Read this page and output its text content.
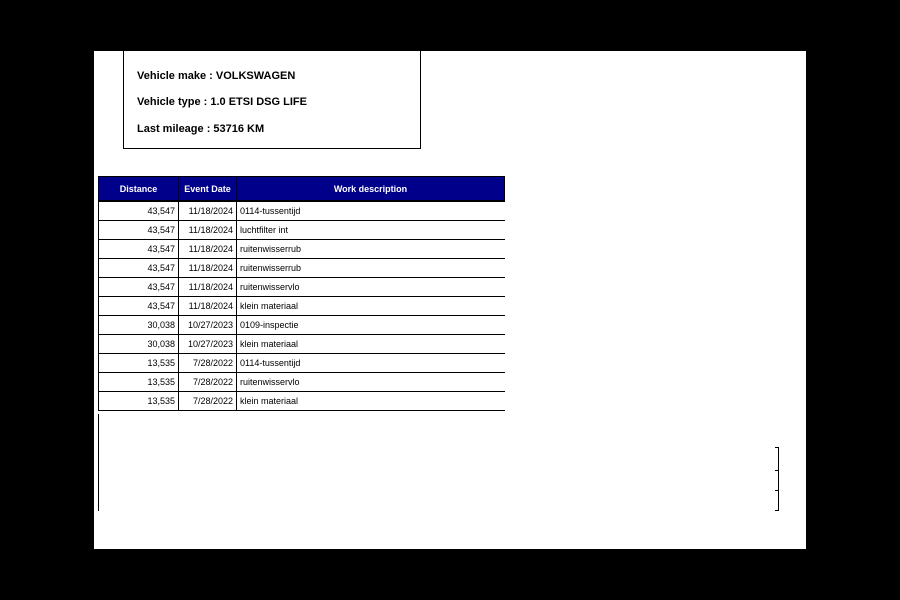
Vehicle make : VOLKSWAGEN
Vehicle type : 1.0 ETSI DSG LIFE
Last mileage : 53716 KM
Distance	Event Date	Work description
43,547	11/18/2024	0114-tussentijd
43,547	11/18/2024	luchtfilter int
43,547	11/18/2024	ruitenwisserrub
43,547	11/18/2024	ruitenwisserrub
43,547	11/18/2024	ruitenwisservlo
43,547	11/18/2024	klein materiaal
30,038	10/27/2023	0109-inspectie
30,038	10/27/2023	klein materiaal
13,535	7/28/2022	0114-tussentijd
13,535	7/28/2022	ruitenwisservlo
13,535	7/28/2022	klein materiaal
